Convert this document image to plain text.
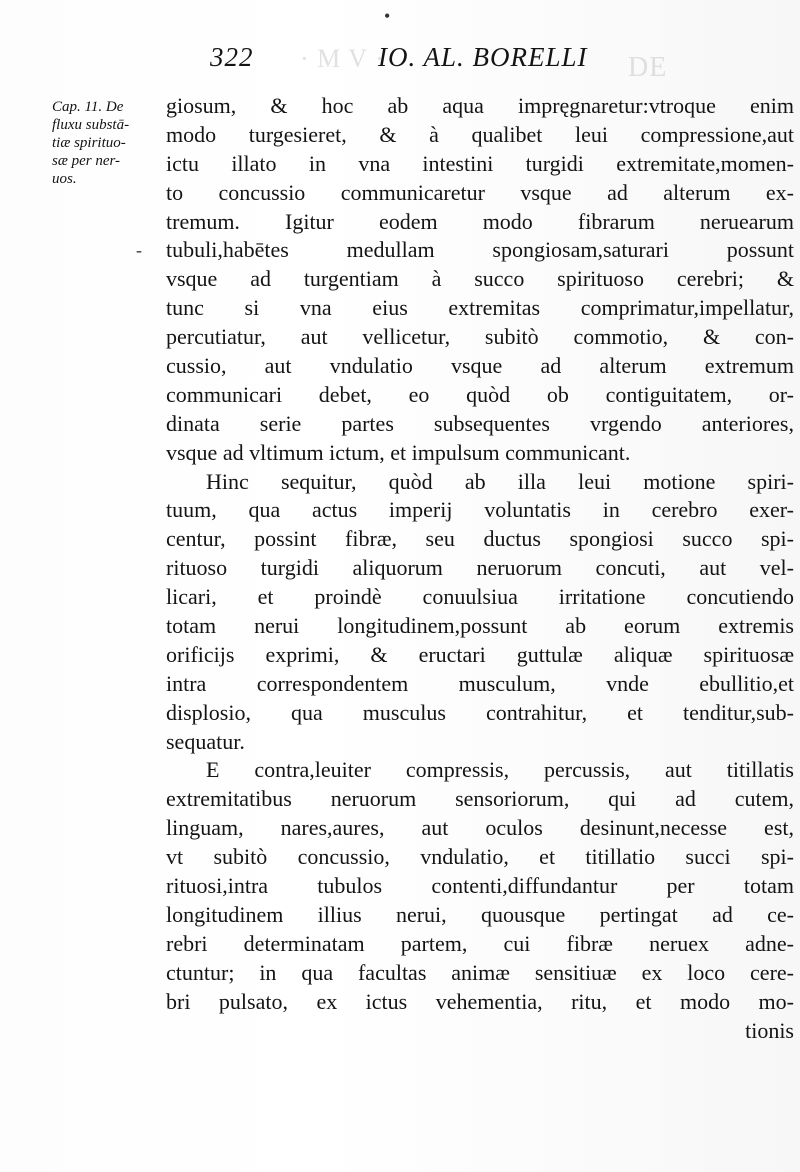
DE
· M V ·
•
-
322	IO. AL. BORELLI
Cap. 11. De
fluxu substā-
tiæ spirituo-
sæ per ner-
uos.
giosum, & hoc ab aqua impręgnaretur:vtroque enim
modo turgesieret, & à qualibet leui compressione,aut
ictu illato in vna intestini turgidi extremitate,momen-
to concussio communicaretur vsque ad alterum ex-
tremum. Igitur eodem modo fibrarum neruearum
tubuli,habētes medullam spongiosam,saturari possunt
vsque ad turgentiam à succo spirituoso cerebri; &
tunc si vna eius extremitas comprimatur,impellatur,
percutiatur, aut vellicetur, subitò commotio, & con-
cussio, aut vndulatio vsque ad alterum extremum
communicari debet, eo quòd ob contiguitatem, or-
dinata serie partes subsequentes vrgendo anteriores,
vsque ad vltimum ictum, et impulsum communicant.
Hinc sequitur, quòd ab illa leui motione spiri-
tuum, qua actus imperij voluntatis in cerebro exer-
centur, possint fibræ, seu ductus spongiosi succo spi-
rituoso turgidi aliquorum neruorum concuti, aut vel-
licari, et proindè conuulsiua irritatione concutiendo
totam nerui longitudinem,possunt ab eorum extremis
orificijs exprimi, & eructari guttulæ aliquæ spirituosæ
intra correspondentem musculum, vnde ebullitio,et
displosio, qua musculus contrahitur, et tenditur,sub-
sequatur.
E contra,leuiter compressis, percussis, aut titillatis
extremitatibus neruorum sensoriorum, qui ad cutem,
linguam, nares,aures, aut oculos desinunt,necesse est,
vt subitò concussio, vndulatio, et titillatio succi spi-
rituosi,intra tubulos contenti,diffundantur per totam
longitudinem illius nerui, quousque pertingat ad ce-
rebri determinatam partem, cui fibræ neruex adne-
ctuntur; in qua facultas animæ sensitiuæ ex loco cere-
bri pulsato, ex ictus vehementia, ritu, et modo mo-
tionis
